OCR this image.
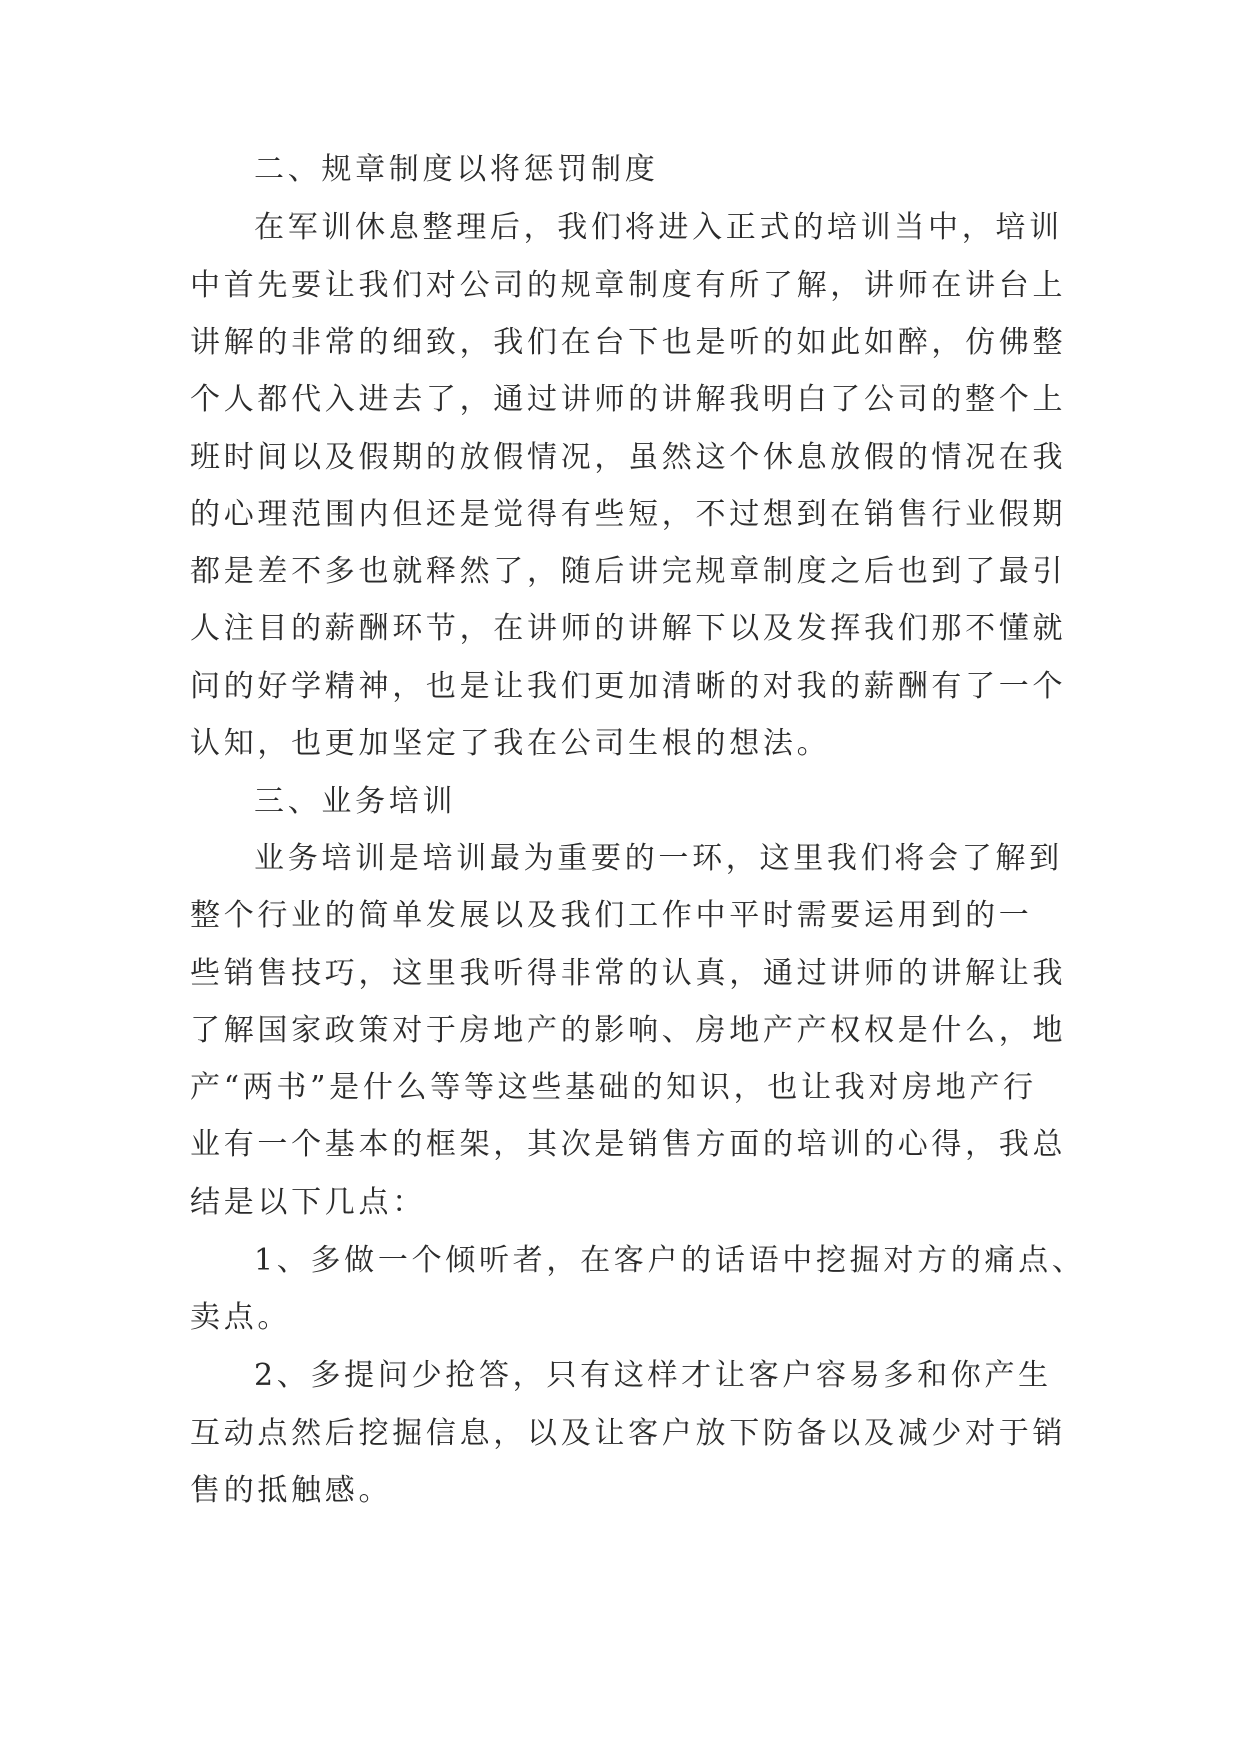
二、规章制度以将惩罚制度
在军训休息整理后，我们将进入正式的培训当中，培训
中首先要让我们对公司的规章制度有所了解，讲师在讲台上
讲解的非常的细致，我们在台下也是听的如此如醉，仿佛整
个人都代入进去了，通过讲师的讲解我明白了公司的整个上
班时间以及假期的放假情况，虽然这个休息放假的情况在我
的心理范围内但还是觉得有些短，不过想到在销售行业假期
都是差不多也就释然了，随后讲完规章制度之后也到了最引
人注目的薪酬环节，在讲师的讲解下以及发挥我们那不懂就
问的好学精神，也是让我们更加清晰的对我的薪酬有了一个
认知，也更加坚定了我在公司生根的想法。
三、业务培训
业务培训是培训最为重要的一环，这里我们将会了解到
整个行业的简单发展以及我们工作中平时需要运用到的一
些销售技巧，这里我听得非常的认真，通过讲师的讲解让我
了解国家政策对于房地产的影响、房地产产权权是什么，地
产“两书”是什么等等这些基础的知识，也让我对房地产行
业有一个基本的框架，其次是销售方面的培训的心得，我总
结是以下几点：
1、多做一个倾听者，在客户的话语中挖掘对方的痛点、
卖点。
2、多提问少抢答，只有这样才让客户容易多和你产生
互动点然后挖掘信息，以及让客户放下防备以及减少对于销
售的抵触感。
